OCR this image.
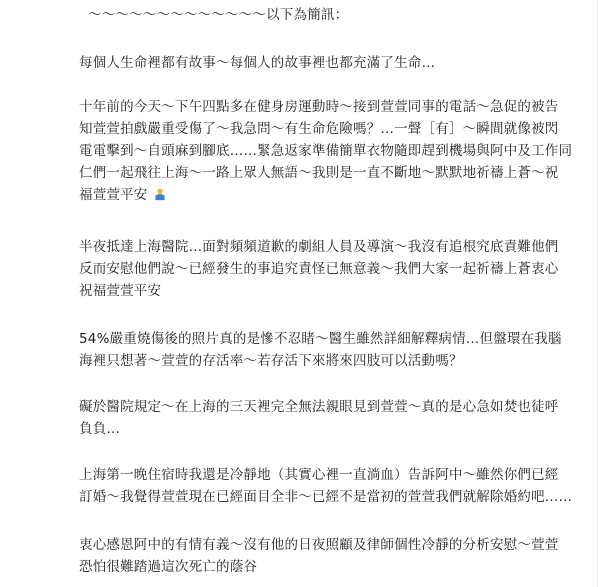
～～～～～～～～～～～～～以下為簡訊：
每個人生命裡都有故事～每個人的故事裡也都充滿了生命…
十年前的今天～下午四點多在健身房運動時～接到萱萱同事的電話～急促的被告
知萱萱拍戲嚴重受傷了～我急問～有生命危險嗎？…一聲［有］～瞬間就像被閃
電電擊到～自頭麻到腳底……緊急返家準備簡單衣物隨即趕到機場與阿中及工作同
仁們一起飛往上海～一路上眾人無語～我則是一直不斷地～默默地祈禱上蒼～祝
福萱萱平安
半夜抵達上海醫院…面對頻頻道歉的劇組人員及導演～我沒有追根究底責難他們
反而安慰他們說～已經發生的事追究責怪已無意義～我們大家一起祈禱上蒼衷心
祝福萱萱平安
54%嚴重燒傷後的照片真的是慘不忍睹～醫生雖然詳細解釋病情…但盤環在我腦
海裡只想著～萱萱的存活率～若存活下來將來四肢可以活動嗎？
礙於醫院規定～在上海的三天裡完全無法親眼見到萱萱～真的是心急如焚也徒呼
負負…
上海第一晚住宿時我還是冷靜地（其實心裡一直淌血）告訴阿中～雖然你們已經
訂婚～我覺得萱萱現在已經面目全非～已經不是當初的萱萱我們就解除婚約吧……
衷心感恩阿中的有情有義～沒有他的日夜照顧及律師個性冷靜的分析安慰～萱萱
恐怕很難踏過這次死亡的蔭谷
